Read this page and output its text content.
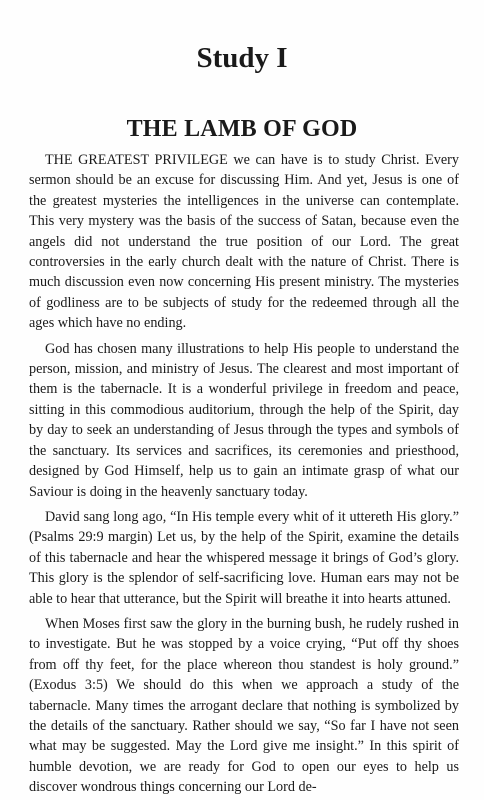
Study I
THE LAMB OF GOD

THE GREATEST PRIVILEGE we can have is to study Christ. Every sermon should be an excuse for discussing Him. And yet, Jesus is one of the greatest mysteries the intelligences in the universe can contemplate. This very mystery was the basis of the success of Satan, because even the angels did not understand the true position of our Lord. The great controversies in the early church dealt with the nature of Christ. There is much discussion even now concerning His present ministry. The mysteries of godliness are to be subjects of study for the redeemed through all the ages which have no ending.

God has chosen many illustrations to help His people to understand the person, mission, and ministry of Jesus. The clearest and most important of them is the tabernacle. It is a wonderful privilege in freedom and peace, sitting in this commodious auditorium, through the help of the Spirit, day by day to seek an understanding of Jesus through the types and symbols of the sanctuary. Its services and sacrifices, its ceremonies and priesthood, designed by God Himself, help us to gain an intimate grasp of what our Saviour is doing in the heavenly sanctuary today.

David sang long ago, “In His temple every whit of it uttereth His glory.” (Psalms 29:9 margin) Let us, by the help of the Spirit, examine the details of this tabernacle and hear the whispered message it brings of God’s glory. This glory is the splendor of self-sacrificing love. Human ears may not be able to hear that utterance, but the Spirit will breathe it into hearts attuned.

When Moses first saw the glory in the burning bush, he rudely rushed in to investigate. But he was stopped by a voice crying, “Put off thy shoes from off thy feet, for the place whereon thou standest is holy ground.” (Exodus 3:5) We should do this when we approach a study of the tabernacle. Many times the arrogant declare that nothing is symbolized by the details of the sanctuary. Rather should we say, “So far I have not seen what may be suggested. May the Lord give me insight.” In this spirit of humble devotion, we are ready for God to open our eyes to help us discover wondrous things concerning our Lord de-
